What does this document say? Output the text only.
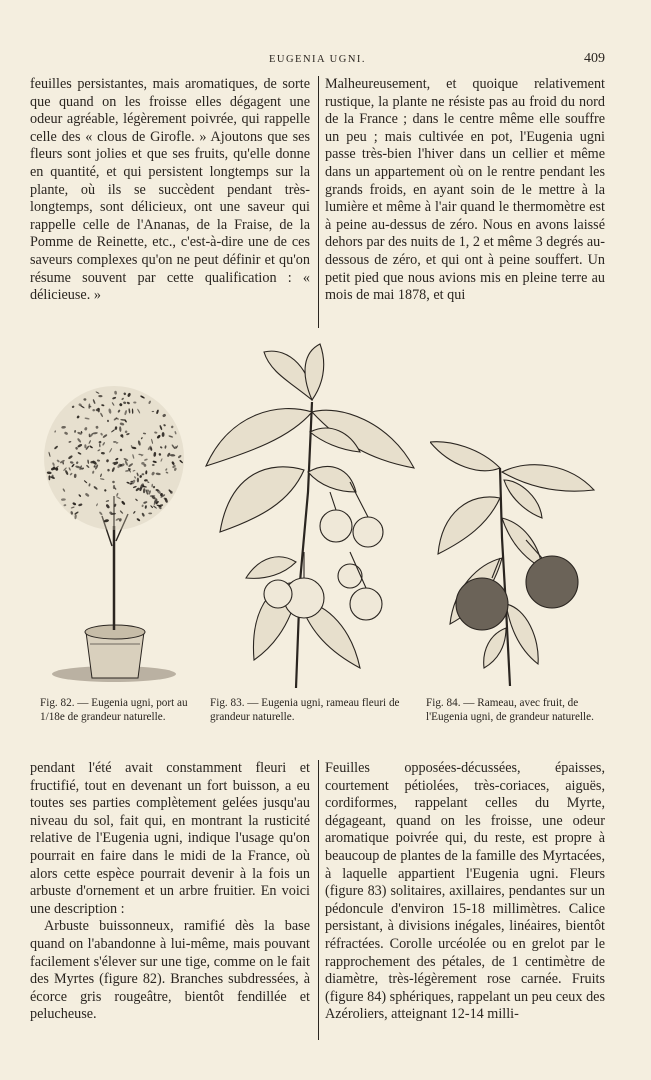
EUGENIA UGNI.	409

feuilles persistantes, mais aromatiques, de sorte que quand on les froisse elles dégagent une odeur agréable, légèrement poivrée, qui rappelle celle des « clous de Girofle. » Ajoutons que ses fleurs sont jolies et que ses fruits, qu'elle donne en quantité, et qui persistent longtemps sur la plante, où ils se succèdent pendant très-longtemps, sont délicieux, ont une saveur qui rappelle celle de l'Ananas, de la Fraise, de la Pomme de Reinette, etc., c'est-à-dire une de ces saveurs complexes qu'on ne peut définir et qu'on résume souvent par cette qualification : « délicieuse. »

Malheureusement, et quoique relativement rustique, la plante ne résiste pas au froid du nord de la France ; dans le centre même elle souffre un peu ; mais cultivée en pot, l'Eugenia ugni passe très-bien l'hiver dans un cellier et même dans un appartement où on le rentre pendant les grands froids, en ayant soin de le mettre à la lumière et même à l'air quand le thermomètre est à peine au-dessus de zéro. Nous en avons laissé dehors par des nuits de 1, 2 et même 3 degrés au-dessous de zéro, et qui ont à peine souffert. Un petit pied que nous avions mis en pleine terre au mois de mai 1878, et qui

Fig. 82. — Eugenia ugni, port au 1/18e de grandeur naturelle.
Fig. 83. — Eugenia ugni, rameau fleuri de grandeur naturelle.
Fig. 84. — Rameau, avec fruit, de l'Eugenia ugni, de grandeur naturelle.

pendant l'été avait constamment fleuri et fructifié, tout en devenant un fort buisson, a eu toutes ses parties complètement gelées jusqu'au niveau du sol, fait qui, en montrant la rusticité relative de l'Eugenia ugni, indique l'usage qu'on pourrait en faire dans le midi de la France, où alors cette espèce pourrait devenir à la fois un arbuste d'ornement et un arbre fruitier. En voici une description :

Arbuste buissonneux, ramifié dès la base quand on l'abandonne à lui-même, mais pouvant facilement s'élever sur une tige, comme on le fait des Myrtes (figure 82). Branches subdressées, à écorce gris rougeâtre, bientôt fendillée et pelucheuse.

Feuilles opposées-décussées, épaisses, courtement pétiolées, très-coriaces, aiguës, cordiformes, rappelant celles du Myrte, dégageant, quand on les froisse, une odeur aromatique poivrée qui, du reste, est propre à beaucoup de plantes de la famille des Myrtacées, à laquelle appartient l'Eugenia ugni. Fleurs (figure 83) solitaires, axillaires, pendantes sur un pédoncule d'environ 15-18 millimètres. Calice persistant, à divisions inégales, linéaires, bientôt réfractées. Corolle urcéolée ou en grelot par le rapprochement des pétales, de 1 centimètre de diamètre, très-légèrement rose carnée. Fruits (figure 84) sphériques, rappelant un peu ceux des Azéroliers, atteignant 12-14 milli-
